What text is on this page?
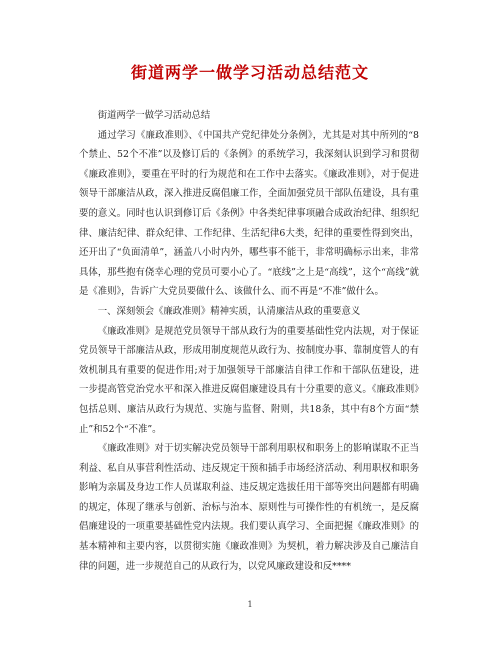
街道两学一做学习活动总结范文

街道两学一做学习活动总结

通过学习《廉政准则》、《中国共产党纪律处分条例》，尤其是对其中所列的“8个禁止、52个不准”以及修订后的《条例》的系统学习，我深刻认识到学习和贯彻《廉政准则》，要重在平时的行为规范和在工作中去落实。《廉政准则》，对于促进领导干部廉洁从政，深入推进反腐倡廉工作，全面加强党员干部队伍建设，具有重要的意义。同时也认识到修订后《条例》中各类纪律事项融合成政治纪律、组织纪律、廉洁纪律、群众纪律、工作纪律、生活纪律6大类，纪律的重要性得到突出，还开出了“负面清单”，涵盖八小时内外，哪些事不能干，非常明确标示出来，非常具体，那些抱有侥幸心理的党员可要小心了。“底线”之上是“高线”，这个“高线”就是《准则》，告诉广大党员要做什么、该做什么、而不再是“不准”做什么。

一、深刻领会《廉政准则》精神实质，认清廉洁从政的重要意义

《廉政准则》是规范党员领导干部从政行为的重要基础性党内法规，对于保证党员领导干部廉洁从政，形成用制度规范从政行为、按制度办事、靠制度管人的有效机制具有重要的促进作用;对于加强领导干部廉洁自律工作和干部队伍建设，进一步提高管党治党水平和深入推进反腐倡廉建设具有十分重要的意义。《廉政准则》包括总则、廉洁从政行为规范、实施与监督、附则，共18条，其中有8个方面“禁止”和52个“不准”。

《廉政准则》对于切实解决党员领导干部利用职权和职务上的影响谋取不正当利益、私自从事营利性活动、违反规定干预和插手市场经济活动、利用职权和职务影响为亲属及身边工作人员谋取利益、违反规定选拔任用干部等突出问题都有明确的规定，体现了继承与创新、治标与治本、原则性与可操作性的有机统一，是反腐倡廉建设的一项重要基础性党内法规。我们要认真学习、全面把握《廉政准则》的基本精神和主要内容，以贯彻实施《廉政准则》为契机，着力解决涉及自己廉洁自律的问题，进一步规范自己的从政行为，以党风廉政建设和反****

1
